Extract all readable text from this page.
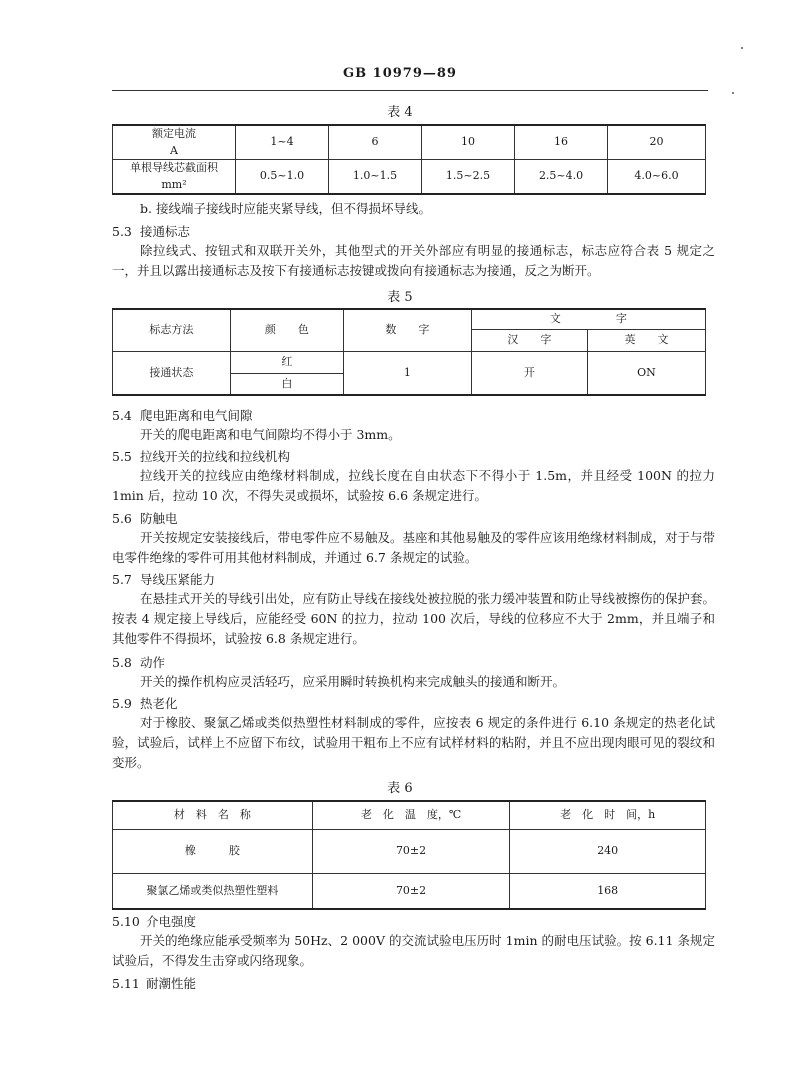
GB 10979—89
表 4
额定电流
A	1~4	6	10	16	20
单根导线芯截面积
mm²	0.5~1.0	1.0~1.5	1.5~2.5	2.5~4.0	4.0~6.0
b. 接线端子接线时应能夹紧导线，但不得损坏导线。
5.3 接通标志
除拉线式、按钮式和双联开关外，其他型式的开关外部应有明显的接通标志，标志应符合表 5 规定之一，并且以露出接通标志及按下有接通标志按键或拨向有接通标志为接通，反之为断开。
表 5
标志方法	颜　　色	数　　字	文　　　　　字	
			汉　　字	英　　文
接通状态	红	1	开	ON
	白			
5.4 爬电距离和电气间隙
开关的爬电距离和电气间隙均不得小于 3mm。
5.5 拉线开关的拉线和拉线机构
拉线开关的拉线应由绝缘材料制成，拉线长度在自由状态下不得小于 1.5m，并且经受 100N 的拉力 1min 后，拉动 10 次，不得失灵或损坏，试验按 6.6 条规定进行。
5.6 防触电
开关按规定安装接线后，带电零件应不易触及。基座和其他易触及的零件应该用绝缘材料制成，对于与带电零件绝缘的零件可用其他材料制成，并通过 6.7 条规定的试验。
5.7 导线压紧能力
在悬挂式开关的导线引出处，应有防止导线在接线处被拉脱的张力缓冲装置和防止导线被擦伤的保护套。按表 4 规定接上导线后，应能经受 60N 的拉力，拉动 100 次后，导线的位移应不大于 2mm，并且端子和其他零件不得损坏，试验按 6.8 条规定进行。
5.8 动作
开关的操作机构应灵活轻巧，应采用瞬时转换机构来完成触头的接通和断开。
5.9 热老化
对于橡胶、聚氯乙烯或类似热塑性材料制成的零件，应按表 6 规定的条件进行 6.10 条规定的热老化试验，试验后，试样上不应留下布纹，试验用干粗布上不应有试样材料的粘附，并且不应出现肉眼可见的裂纹和变形。
表 6
材　料　名　称	老　化　温　度，℃	老　化　时　间，h
橡　　　胶	70±2	240
聚氯乙烯或类似热塑性塑料	70±2	168
5.10 介电强度
开关的绝缘应能承受频率为 50Hz、2 000V 的交流试验电压历时 1min 的耐电压试验。按 6.11 条规定试验后，不得发生击穿或闪络现象。
5.11 耐潮性能
